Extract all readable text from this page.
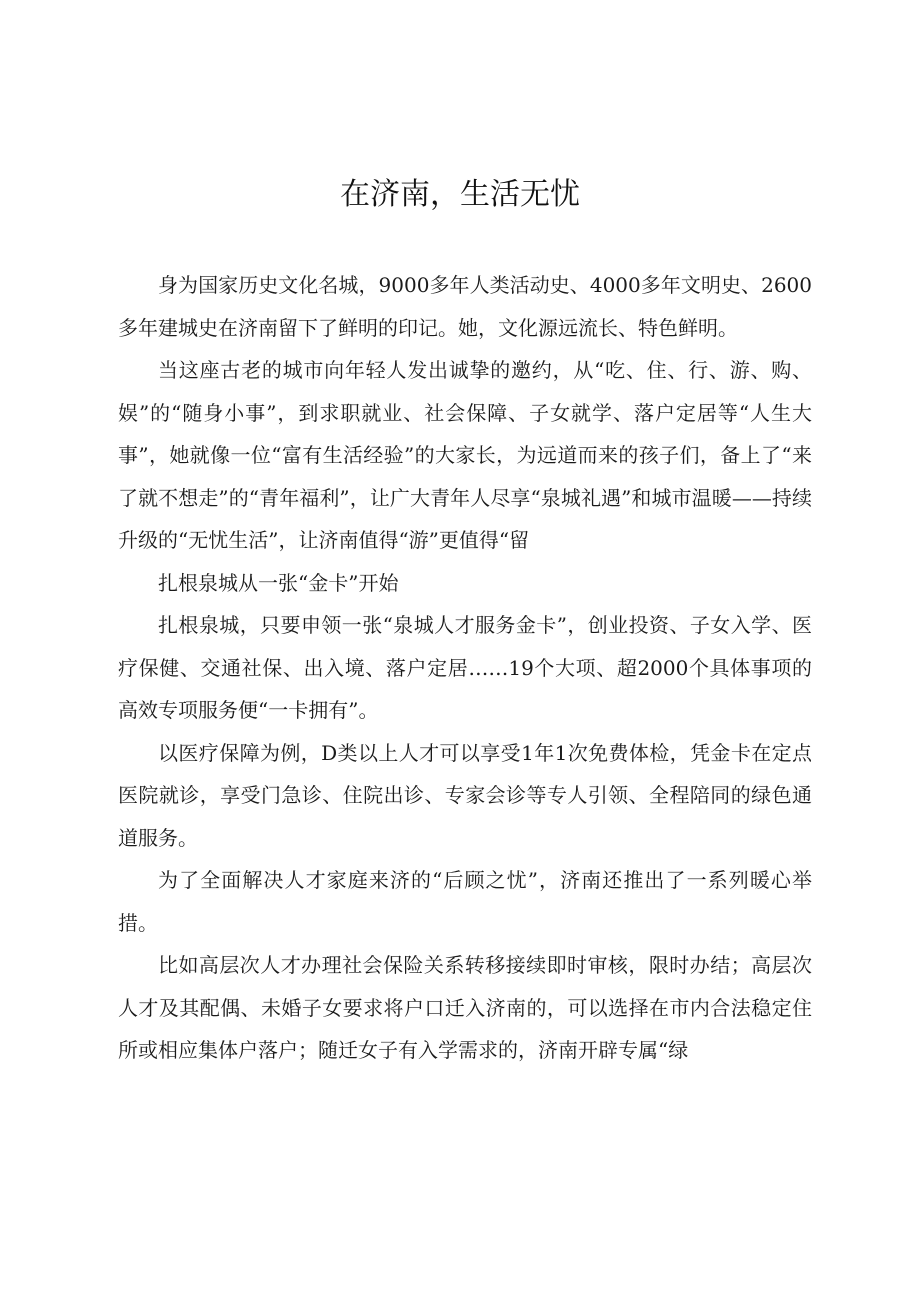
在济南，生活无忧

身为国家历史文化名城，9000多年人类活动史、4000多年文明史、2600多年建城史在济南留下了鲜明的印记。她，文化源远流长、特色鲜明。

当这座古老的城市向年轻人发出诚挚的邀约，从“吃、住、行、游、购、娱”的“随身小事”，到求职就业、社会保障、子女就学、落户定居等“人生大事”，她就像一位“富有生活经验”的大家长，为远道而来的孩子们，备上了“来了就不想走”的“青年福利”，让广大青年人尽享“泉城礼遇”和城市温暖——持续升级的“无忧生活”，让济南值得“游”更值得“留

扎根泉城从一张“金卡”开始

扎根泉城，只要申领一张“泉城人才服务金卡”，创业投资、子女入学、医疗保健、交通社保、出入境、落户定居……19个大项、超2000个具体事项的高效专项服务便“一卡拥有”。

以医疗保障为例，D类以上人才可以享受1年1次免费体检，凭金卡在定点医院就诊，享受门急诊、住院出诊、专家会诊等专人引领、全程陪同的绿色通道服务。

为了全面解决人才家庭来济的“后顾之忧”，济南还推出了一系列暖心举措。

比如高层次人才办理社会保险关系转移接续即时审核，限时办结；高层次人才及其配偶、未婚子女要求将户口迁入济南的，可以选择在市内合法稳定住所或相应集体户落户；随迁女子有入学需求的，济南开辟专属“绿
